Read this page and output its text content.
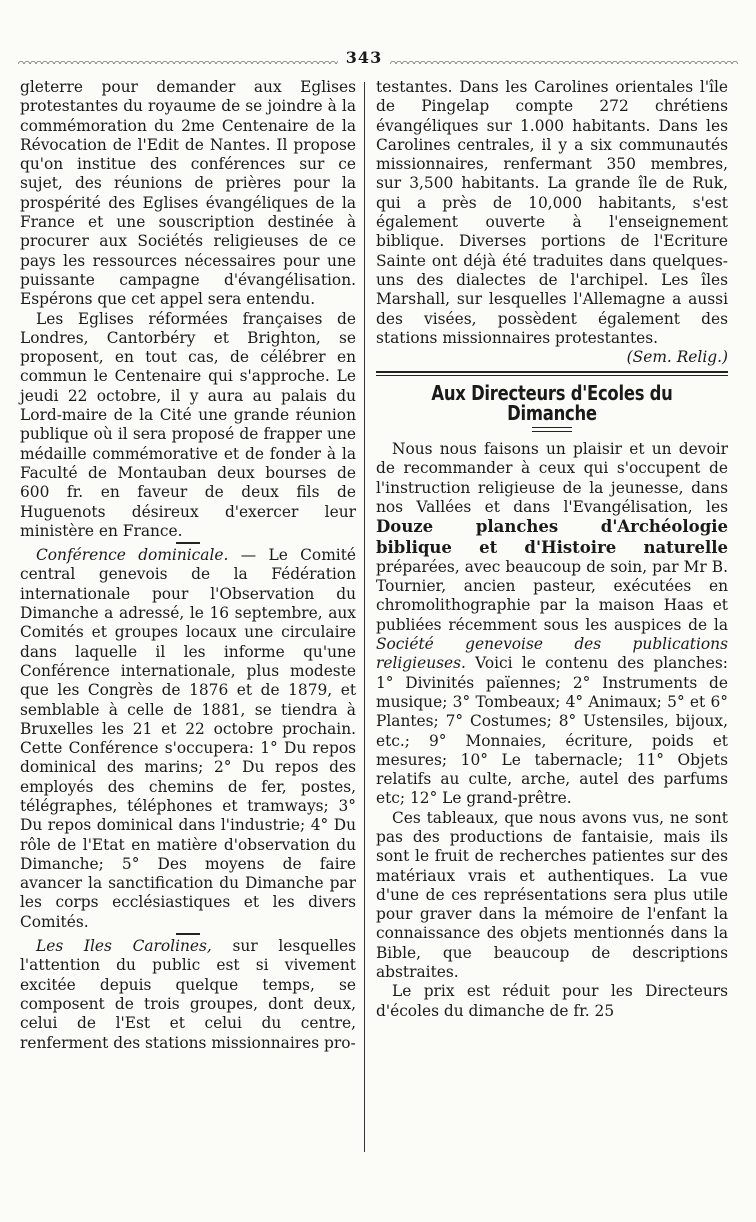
343

gleterre pour demander aux Eglises protestantes du royaume de se joindre à la commémoration du 2me Centenaire de la Révocation de l'Edit de Nantes. Il propose qu'on institue des conférences sur ce sujet, des réunions de prières pour la prospérité des Eglises évangéliques de la France et une souscription destinée à procurer aux Sociétés religieuses de ce pays les ressources nécessaires pour une puissante campagne d'évangélisation. Espérons que cet appel sera entendu.

Les Eglises réformées françaises de Londres, Cantorbéry et Brighton, se proposent, en tout cas, de célébrer en commun le Centenaire qui s'approche. Le jeudi 22 octobre, il y aura au palais du Lord-maire de la Cité une grande réunion publique où il sera proposé de frapper une médaille commémorative et de fonder à la Faculté de Montauban deux bourses de 600 fr. en faveur de deux fils de Huguenots désireux d'exercer leur ministère en France.

Conférence dominicale. — Le Comité central genevois de la Fédération internationale pour l'Observation du Dimanche a adressé, le 16 septembre, aux Comités et groupes locaux une circulaire dans laquelle il les informe qu'une Conférence internationale, plus modeste que les Congrès de 1876 et de 1879, et semblable à celle de 1881, se tiendra à Bruxelles les 21 et 22 octobre prochain. Cette Conférence s'occupera: 1° Du repos dominical des marins; 2° Du repos des employés des chemins de fer, postes, télégraphes, téléphones et tramways; 3° Du repos dominical dans l'industrie; 4° Du rôle de l'Etat en matière d'observation du Dimanche; 5° Des moyens de faire avancer la sanctification du Dimanche par les corps ecclésiastiques et les divers Comités.

Les Iles Carolines, sur lesquelles l'attention du public est si vivement excitée depuis quelque temps, se composent de trois groupes, dont deux, celui de l'Est et celui du centre, renferment des stations missionnaires pro-

testantes. Dans les Carolines orientales l'île de Pingelap compte 272 chrétiens évangéliques sur 1.000 habitants. Dans les Carolines centrales, il y a six communautés missionnaires, renfermant 350 membres, sur 3,500 habitants. La grande île de Ruk, qui a près de 10,000 habitants, s'est également ouverte à l'enseignement biblique. Diverses portions de l'Ecriture Sainte ont déjà été traduites dans quelques-uns des dialectes de l'archipel. Les îles Marshall, sur lesquelles l'Allemagne a aussi des visées, possèdent également des stations missionnaires protestantes.

(Sem. Relig.)

Aux Directeurs d'Ecoles du Dimanche

Nous nous faisons un plaisir et un devoir de recommander à ceux qui s'occupent de l'instruction religieuse de la jeunesse, dans nos Vallées et dans l'Evangélisation, les Douze planches d'Archéologie biblique et d'Histoire naturelle préparées, avec beaucoup de soin, par Mr B. Tournier, ancien pasteur, exécutées en chromolithographie par la maison Haas et publiées récemment sous les auspices de la Société genevoise des publications religieuses. Voici le contenu des planches: 1° Divinités païennes; 2° Instruments de musique; 3° Tombeaux; 4° Animaux; 5° et 6° Plantes; 7° Costumes; 8° Ustensiles, bijoux, etc.; 9° Monnaies, écriture, poids et mesures; 10° Le tabernacle; 11° Objets relatifs au culte, arche, autel des parfums etc; 12° Le grand-prêtre.

Ces tableaux, que nous avons vus, ne sont pas des productions de fantaisie, mais ils sont le fruit de recherches patientes sur des matériaux vrais et authentiques. La vue d'une de ces représentations sera plus utile pour graver dans la mémoire de l'enfant la connaissance des objets mentionnés dans la Bible, que beaucoup de descriptions abstraites.

Le prix est réduit pour les Directeurs d'écoles du dimanche de fr. 25
